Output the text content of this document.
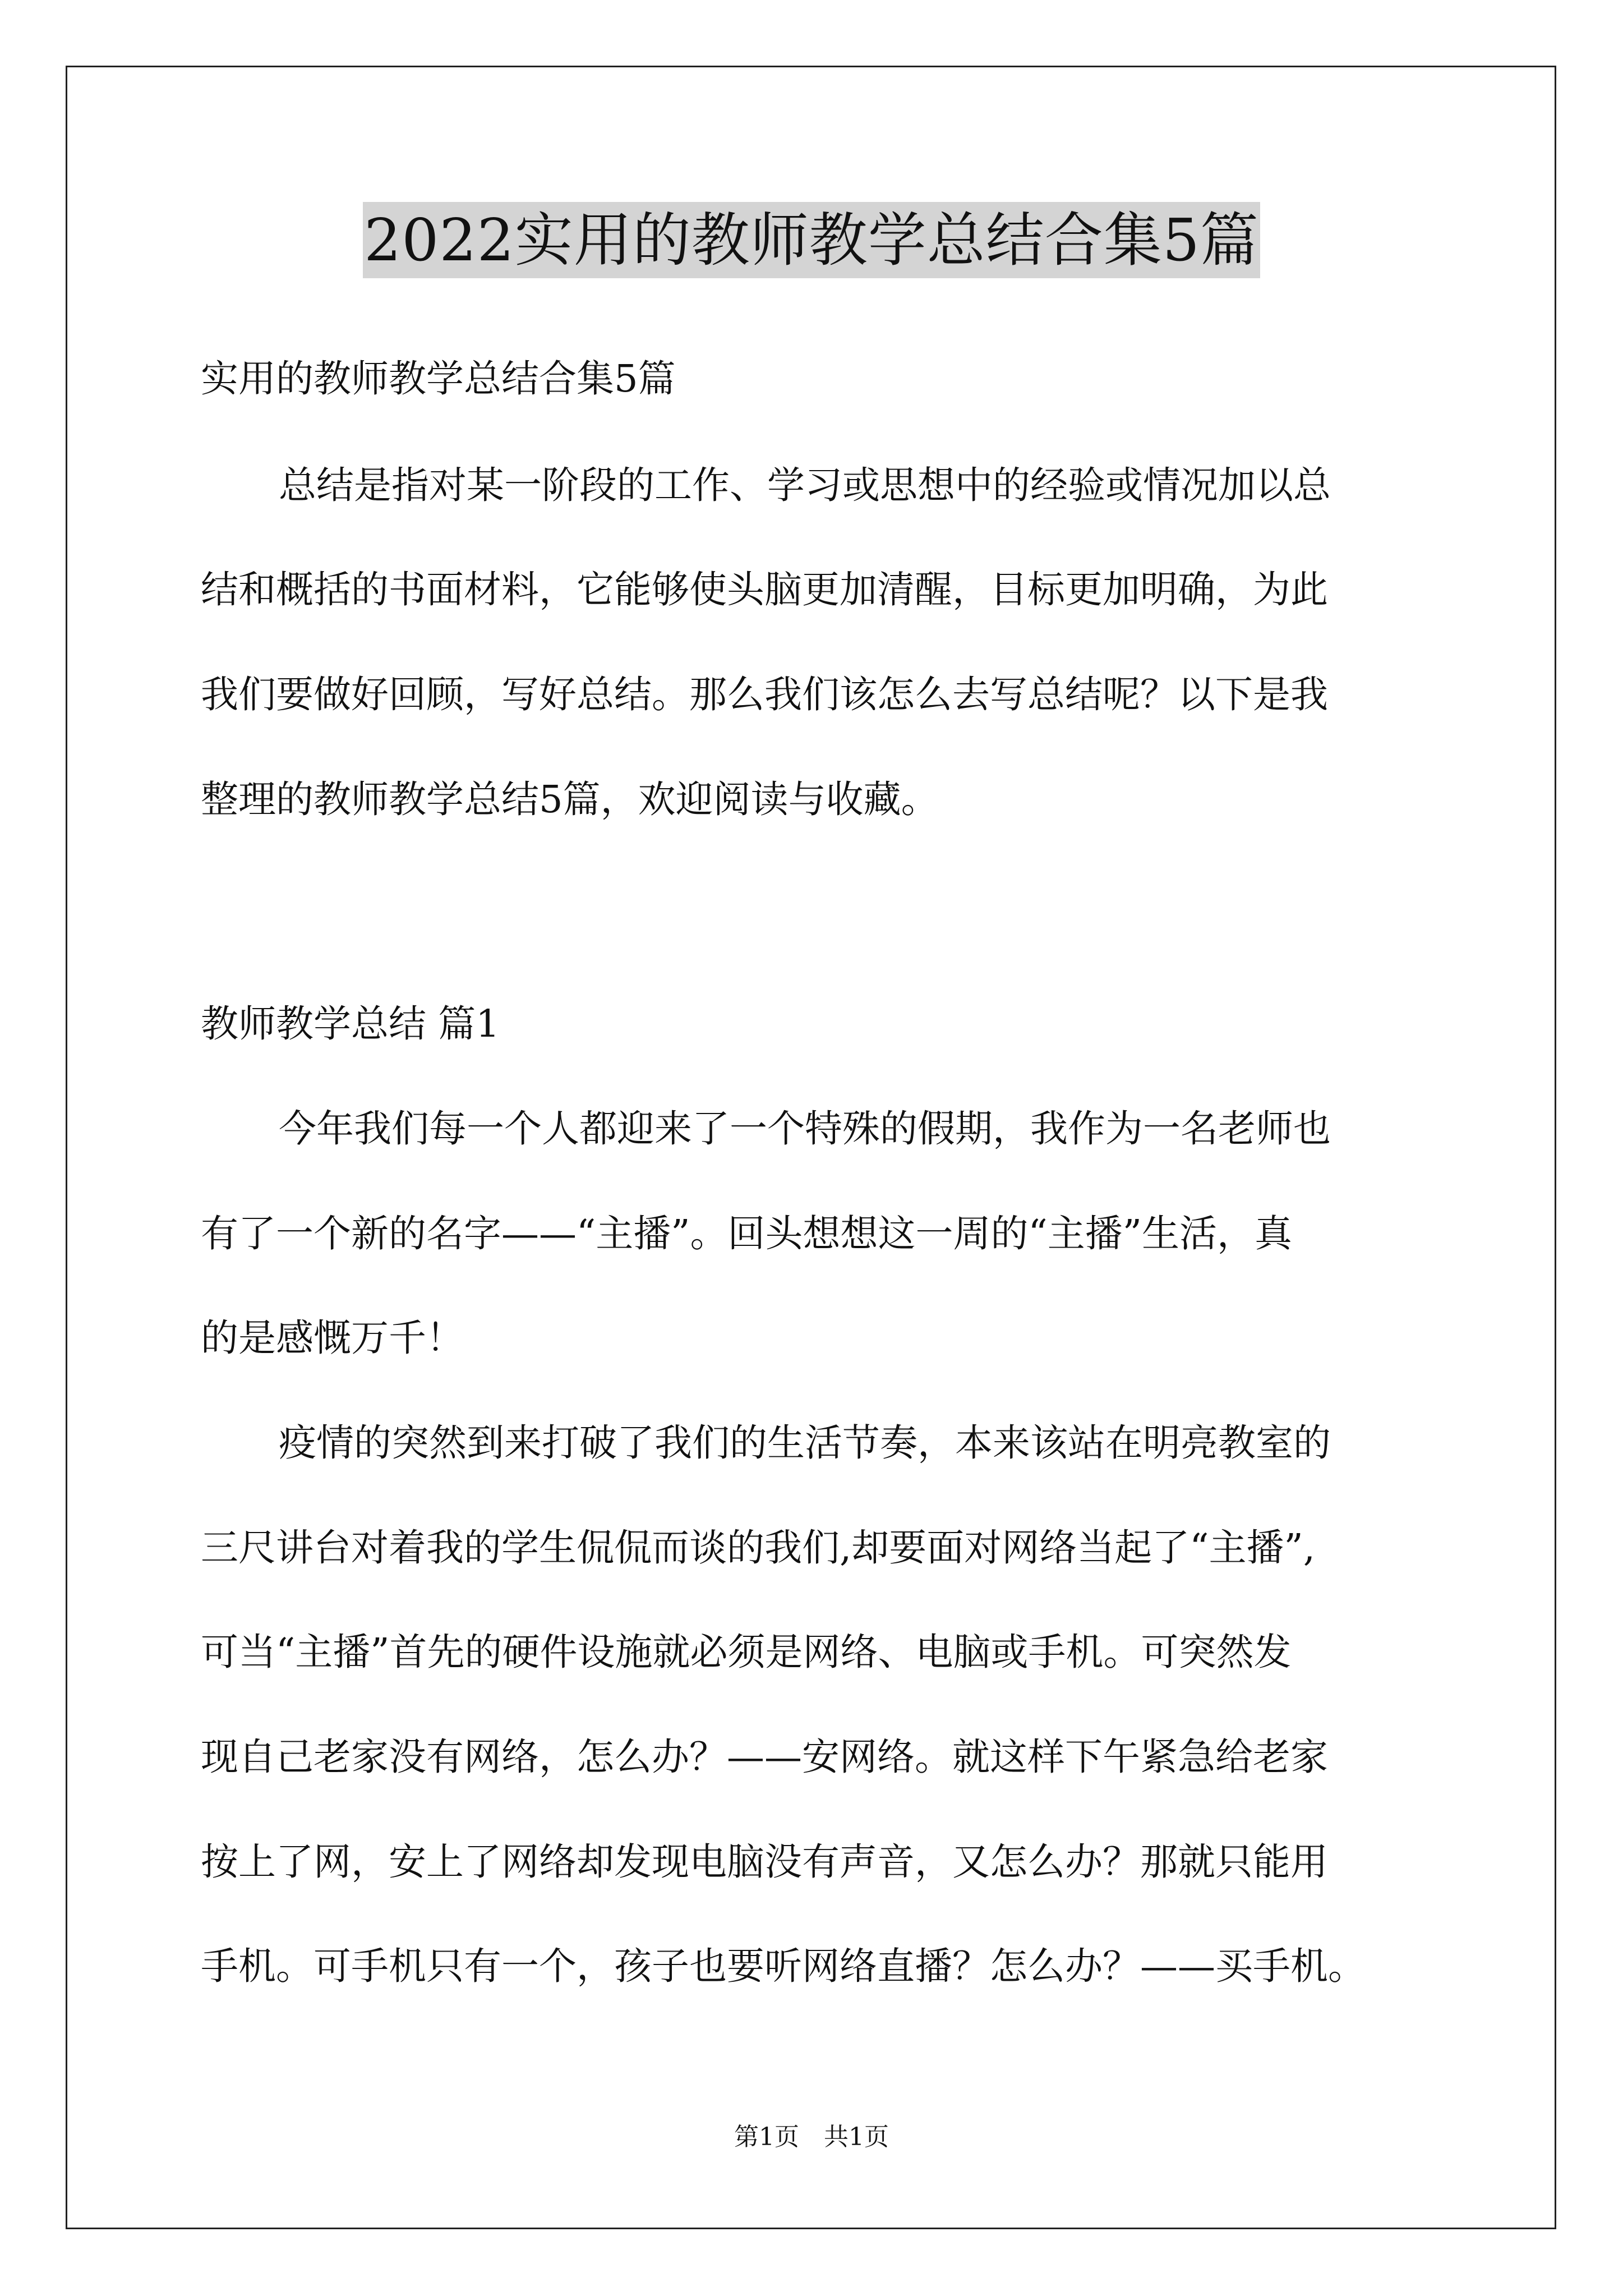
2022实用的教师教学总结合集5篇
实用的教师教学总结合集5篇
总结是指对某一阶段的工作、学习或思想中的经验或情况加以总
结和概括的书面材料，它能够使头脑更加清醒，目标更加明确，为此
我们要做好回顾，写好总结。那么我们该怎么去写总结呢？以下是我
整理的教师教学总结5篇，欢迎阅读与收藏。
教师教学总结 篇1
今年我们每一个人都迎来了一个特殊的假期，我作为一名老师也
有了一个新的名字——“主播”。回头想想这一周的“主播”生活，真
的是感慨万千！
疫情的突然到来打破了我们的生活节奏，本来该站在明亮教室的
三尺讲台对着我的学生侃侃而谈的我们,却要面对网络当起了“主播”,
可当“主播”首先的硬件设施就必须是网络、电脑或手机。可突然发
现自己老家没有网络，怎么办？——安网络。就这样下午紧急给老家
按上了网，安上了网络却发现电脑没有声音，又怎么办？那就只能用
手机。可手机只有一个，孩子也要听网络直播？怎么办？——买手机。
第1页　共1页
